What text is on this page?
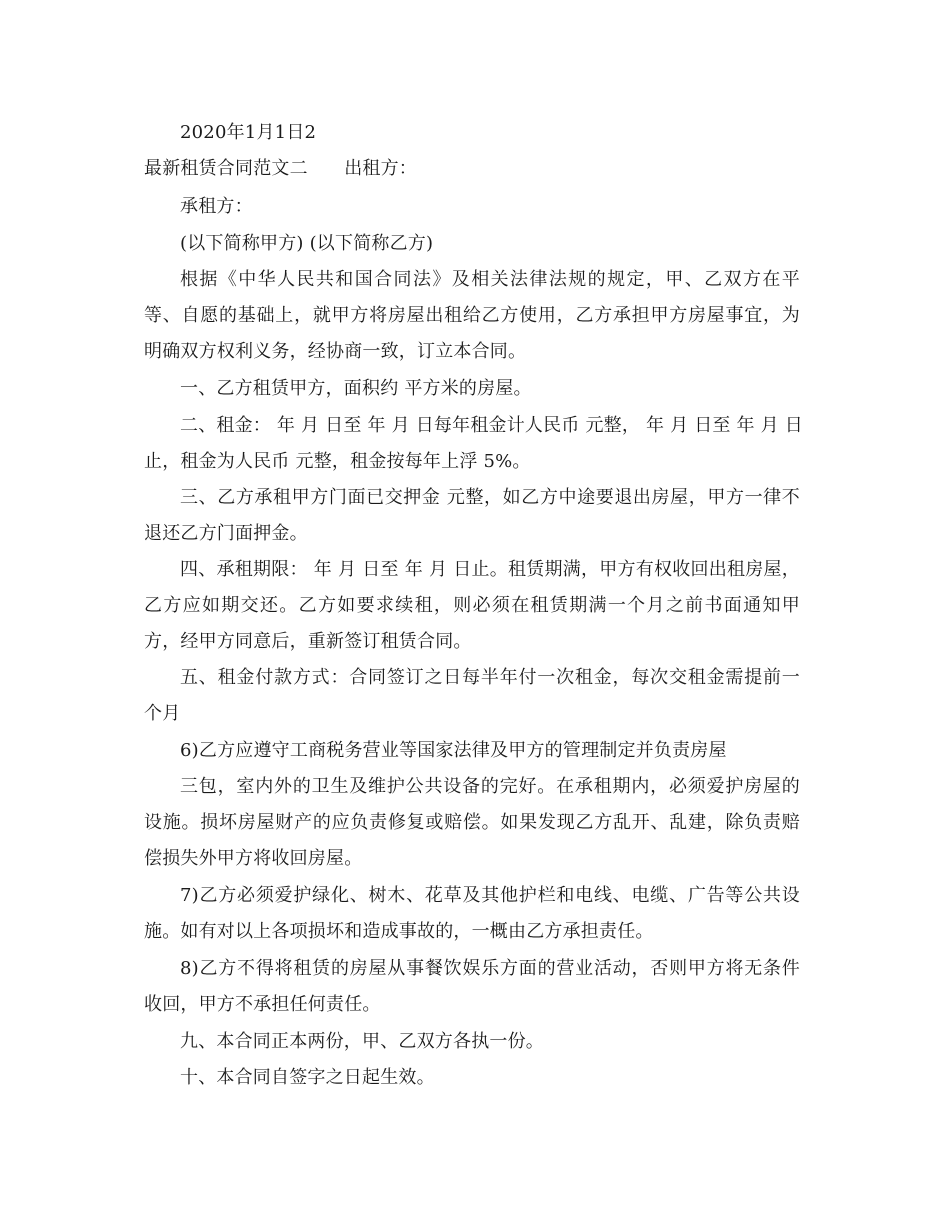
2020年1月1日2
最新租赁合同范文二　　出租方：
承租方：
(以下简称甲方) (以下简称乙方)
根据《中华人民共和国合同法》及相关法律法规的规定，甲、乙双方在平
等、自愿的基础上，就甲方将房屋出租给乙方使用，乙方承担甲方房屋事宜，为
明确双方权利义务，经协商一致，订立本合同。
一、乙方租赁甲方，面积约 平方米的房屋。
二、租金： 年 月 日至 年 月 日每年租金计人民币 元整， 年 月 日至 年 月 日
止，租金为人民币 元整，租金按每年上浮 5%。
三、乙方承租甲方门面已交押金 元整，如乙方中途要退出房屋，甲方一律不
退还乙方门面押金。
四、承租期限： 年 月 日至 年 月 日止。租赁期满，甲方有权收回出租房屋，
乙方应如期交还。乙方如要求续租，则必须在租赁期满一个月之前书面通知甲
方，经甲方同意后，重新签订租赁合同。
五、租金付款方式：合同签订之日每半年付一次租金，每次交租金需提前一
个月
6)乙方应遵守工商税务营业等国家法律及甲方的管理制定并负责房屋
三包，室内外的卫生及维护公共设备的完好。在承租期内，必须爱护房屋的
设施。损坏房屋财产的应负责修复或赔偿。如果发现乙方乱开、乱建，除负责赔
偿损失外甲方将收回房屋。
7)乙方必须爱护绿化、树木、花草及其他护栏和电线、电缆、广告等公共设
施。如有对以上各项损坏和造成事故的，一概由乙方承担责任。
8)乙方不得将租赁的房屋从事餐饮娱乐方面的营业活动，否则甲方将无条件
收回，甲方不承担任何责任。
九、本合同正本两份，甲、乙双方各执一份。
十、本合同自签字之日起生效。
